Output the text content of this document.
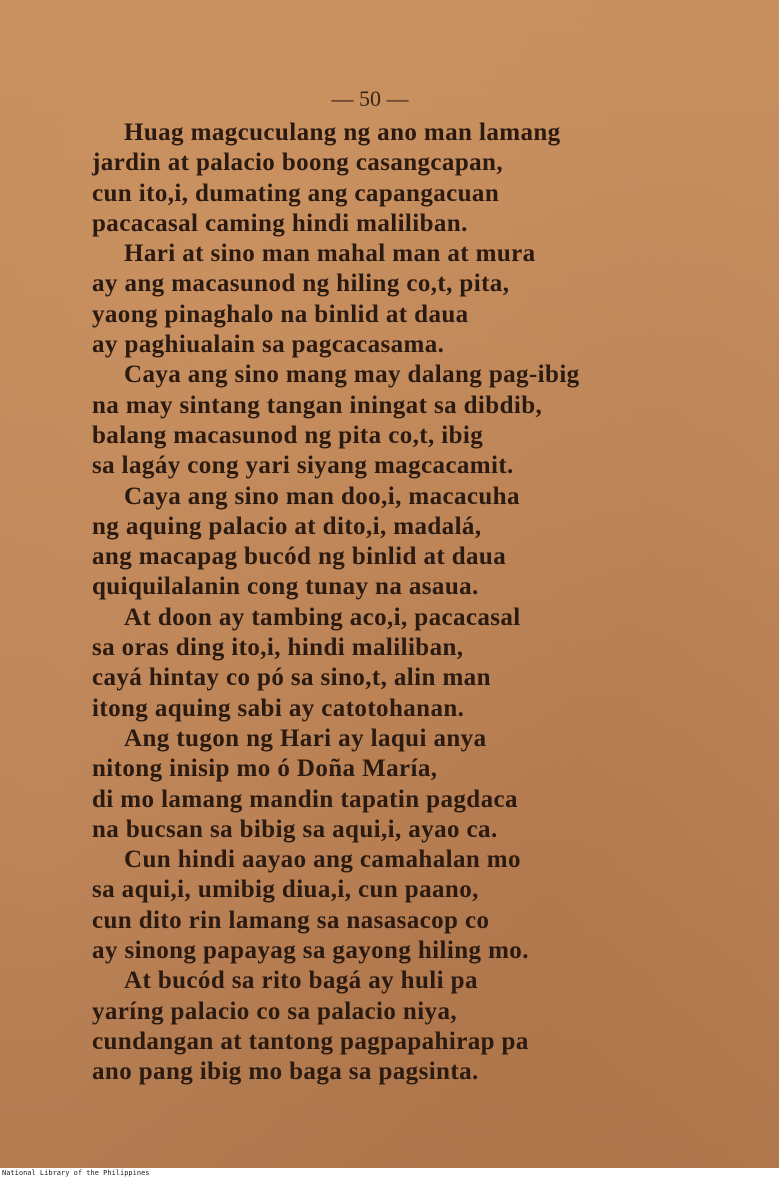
— 50 —
Huag magcuculang ng ano man lamang
jardin at palacio boong casangcapan,
cun ito,i, dumating ang capangacuan
pacacasal caming hindi maliliban.
Hari at sino man mahal man at mura
ay ang macasunod ng hiling co,t, pita,
yaong pinaghalo na binlid at daua
ay paghiualain sa pagcacasama.
Caya ang sino mang may dalang pag-ibig
na may sintang tangan iningat sa dibdib,
balang macasunod ng pita co,t, ibig
sa lagáy cong yari siyang magcacamit.
Caya ang sino man doo,i, macacuha
ng aquing palacio at dito,i, madalá,
ang macapag bucód ng binlid at daua
quiquilalanin cong tunay na asaua.
At doon ay tambing aco,i, pacacasal
sa oras ding ito,i, hindi maliliban,
cayá hintay co pó sa sino,t, alin man
itong aquing sabi ay catotohanan.
Ang tugon ng Hari ay laqui anya
nitong inisip mo ó Doña María,
di mo lamang mandin tapatin pagdaca
na bucsan sa bibig sa aqui,i, ayao ca.
Cun hindi aayao ang camahalan mo
sa aqui,i, umibig diua,i, cun paano,
cun dito rin lamang sa nasasacop co
ay sinong papayag sa gayong hiling mo.
At bucód sa rito bagá ay huli pa
yaríng palacio co sa palacio niya,
cundangan at tantong pagpapahirap pa
ano pang ibig mo baga sa pagsinta.
National Library of the Philippines
